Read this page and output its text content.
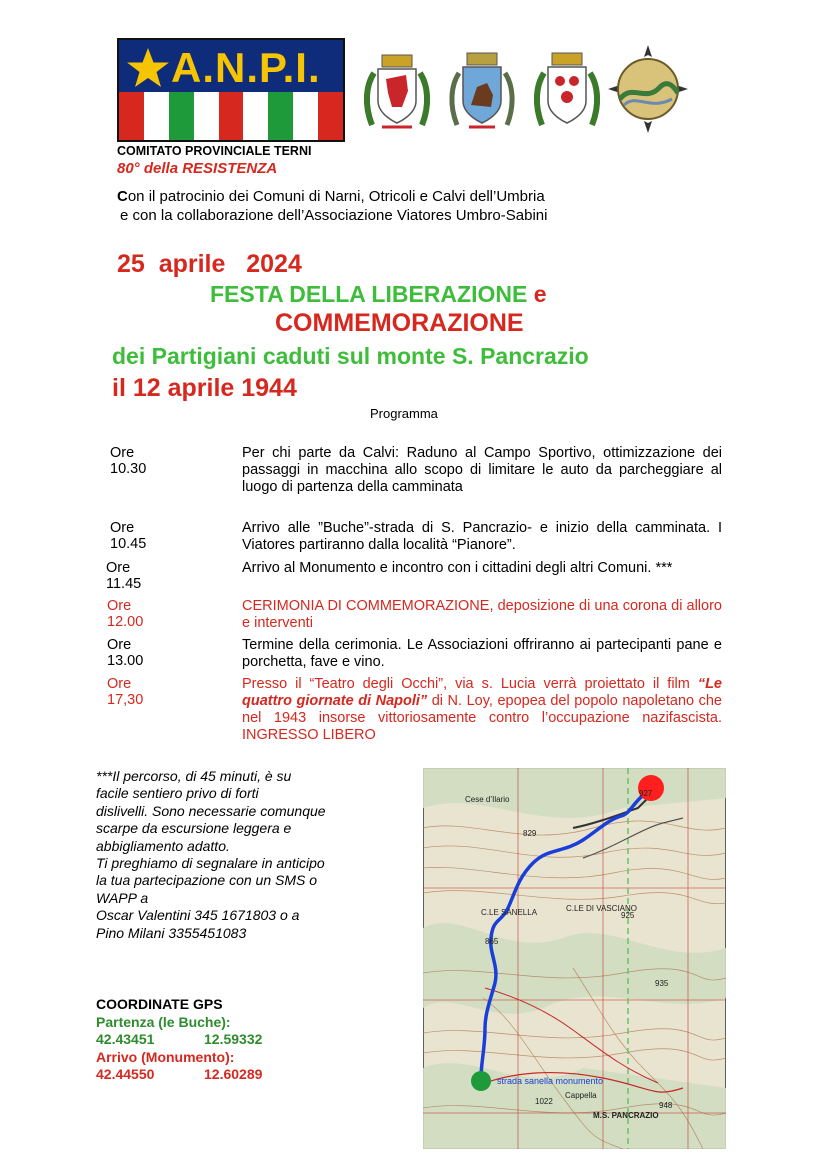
A.N.P.I.
COMITATO PROVINCIALE TERNI
80° della RESISTENZA
Con il patrocinio dei Comuni di Narni, Otricoli e Calvi dell’Umbria
e con la collaborazione dell’Associazione Viatores Umbro-Sabini
25  aprile   2024
FESTA DELLA LIBERAZIONE e
COMMEMORAZIONE
dei Partigiani caduti sul monte S. Pancrazio
il 12 aprile 1944
Programma
Ore 10.30
Per chi parte da Calvi: Raduno al Campo Sportivo, ottimizzazione dei passaggi in macchina allo scopo di limitare le auto da parcheggiare al luogo di partenza della camminata
Ore 10.45
Arrivo alle ”Buche”-strada di S. Pancrazio- e inizio della camminata. I Viatores partiranno dalla località “Pianore”.
Ore 11.45
Arrivo al Monumento e incontro con i cittadini degli altri Comuni. ***
Ore 12.00
CERIMONIA DI COMMEMORAZIONE, deposizione di una corona di alloro e interventi
Ore 13.00
Termine della cerimonia. Le Associazioni offriranno ai partecipanti pane e porchetta, fave e vino.
Ore 17,30
Presso il “Teatro degli Occhi”, via s. Lucia verrà proiettato il film “Le quattro giornate di Napoli” di N. Loy, epopea del popolo napoletano che nel 1943 insorse vittoriosamente contro l’occupazione nazifascista. INGRESSO LIBERO
***Il percorso, di 45 minuti, è su
facile sentiero privo di forti
dislivelli. Sono necessarie comunque
scarpe da escursione leggera e
abbigliamento adatto.
Ti preghiamo di segnalare in anticipo
la tua partecipazione con un SMS o
WAPP a
Oscar Valentini 345 1671803 o a
Pino Milani 3355451083
COORDINATE GPS
Partenza (le Buche):
42.43451	12.59332
Arrivo (Monumento):
42.44550	12.60289
Cese d’Ilario
829
C.LE SANELLA	C.LE DI VASCIANO
925
935
865
927
948
1022
Cappella
M.S. PANCRAZIO
strada sanella monumento
